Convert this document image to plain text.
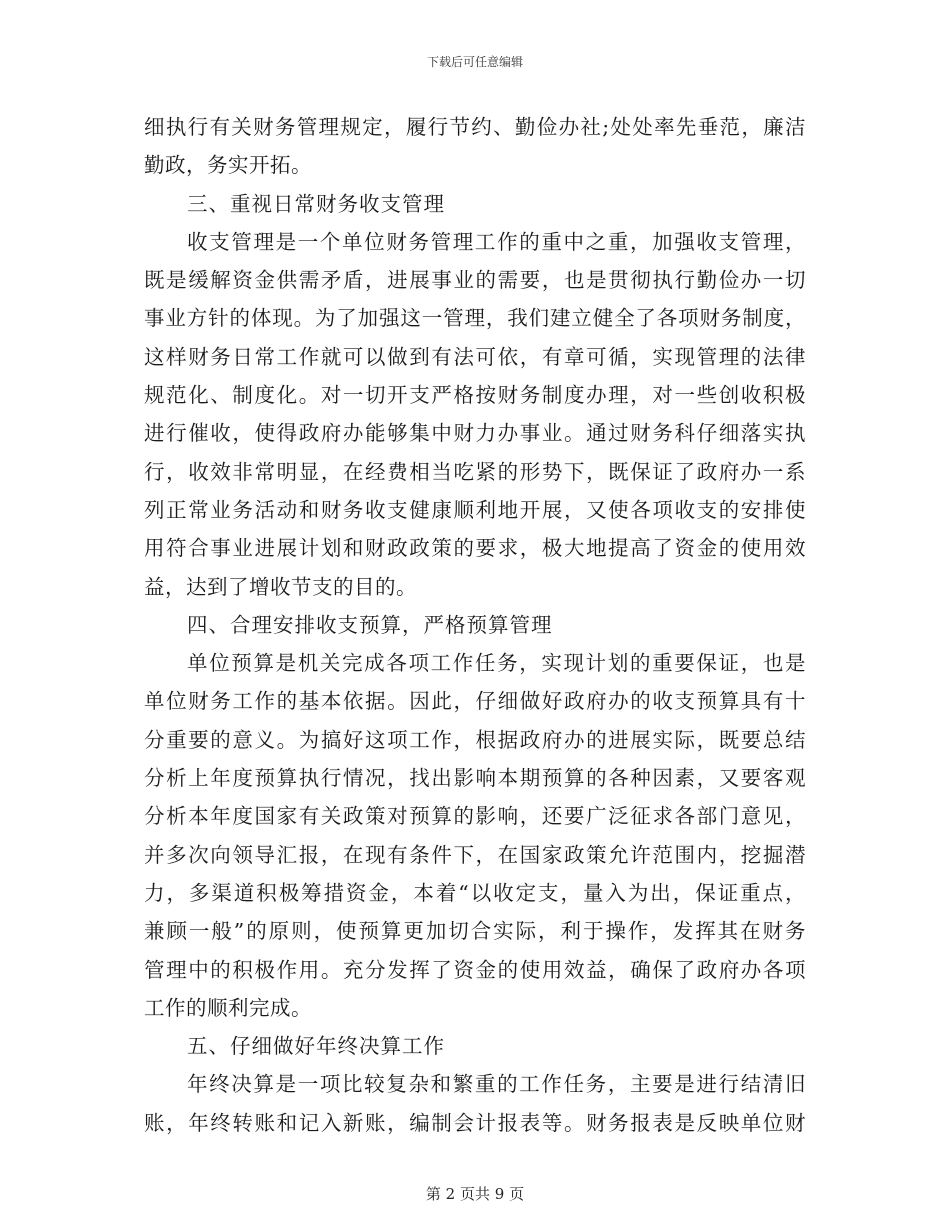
下载后可任意编辑
细执行有关财务管理规定，履行节约、勤俭办社;处处率先垂范，廉洁
勤政，务实开拓。
三、重视日常财务收支管理
收支管理是一个单位财务管理工作的重中之重，加强收支管理，
既是缓解资金供需矛盾，进展事业的需要，也是贯彻执行勤俭办一切
事业方针的体现。为了加强这一管理，我们建立健全了各项财务制度，
这样财务日常工作就可以做到有法可依，有章可循，实现管理的法律
规范化、制度化。对一切开支严格按财务制度办理，对一些创收积极
进行催收，使得政府办能够集中财力办事业。通过财务科仔细落实执
行，收效非常明显，在经费相当吃紧的形势下，既保证了政府办一系
列正常业务活动和财务收支健康顺利地开展，又使各项收支的安排使
用符合事业进展计划和财政政策的要求，极大地提高了资金的使用效
益，达到了增收节支的目的。
四、合理安排收支预算，严格预算管理
单位预算是机关完成各项工作任务，实现计划的重要保证，也是
单位财务工作的基本依据。因此，仔细做好政府办的收支预算具有十
分重要的意义。为搞好这项工作，根据政府办的进展实际，既要总结
分析上年度预算执行情况，找出影响本期预算的各种因素，又要客观
分析本年度国家有关政策对预算的影响，还要广泛征求各部门意见，
并多次向领导汇报，在现有条件下，在国家政策允许范围内，挖掘潜
力，多渠道积极筹措资金，本着“以收定支，量入为出，保证重点，
兼顾一般”的原则，使预算更加切合实际，利于操作，发挥其在财务
管理中的积极作用。充分发挥了资金的使用效益，确保了政府办各项
工作的顺利完成。
五、仔细做好年终决算工作
年终决算是一项比较复杂和繁重的工作任务，主要是进行结清旧
账，年终转账和记入新账，编制会计报表等。财务报表是反映单位财
第 2 页共 9 页
